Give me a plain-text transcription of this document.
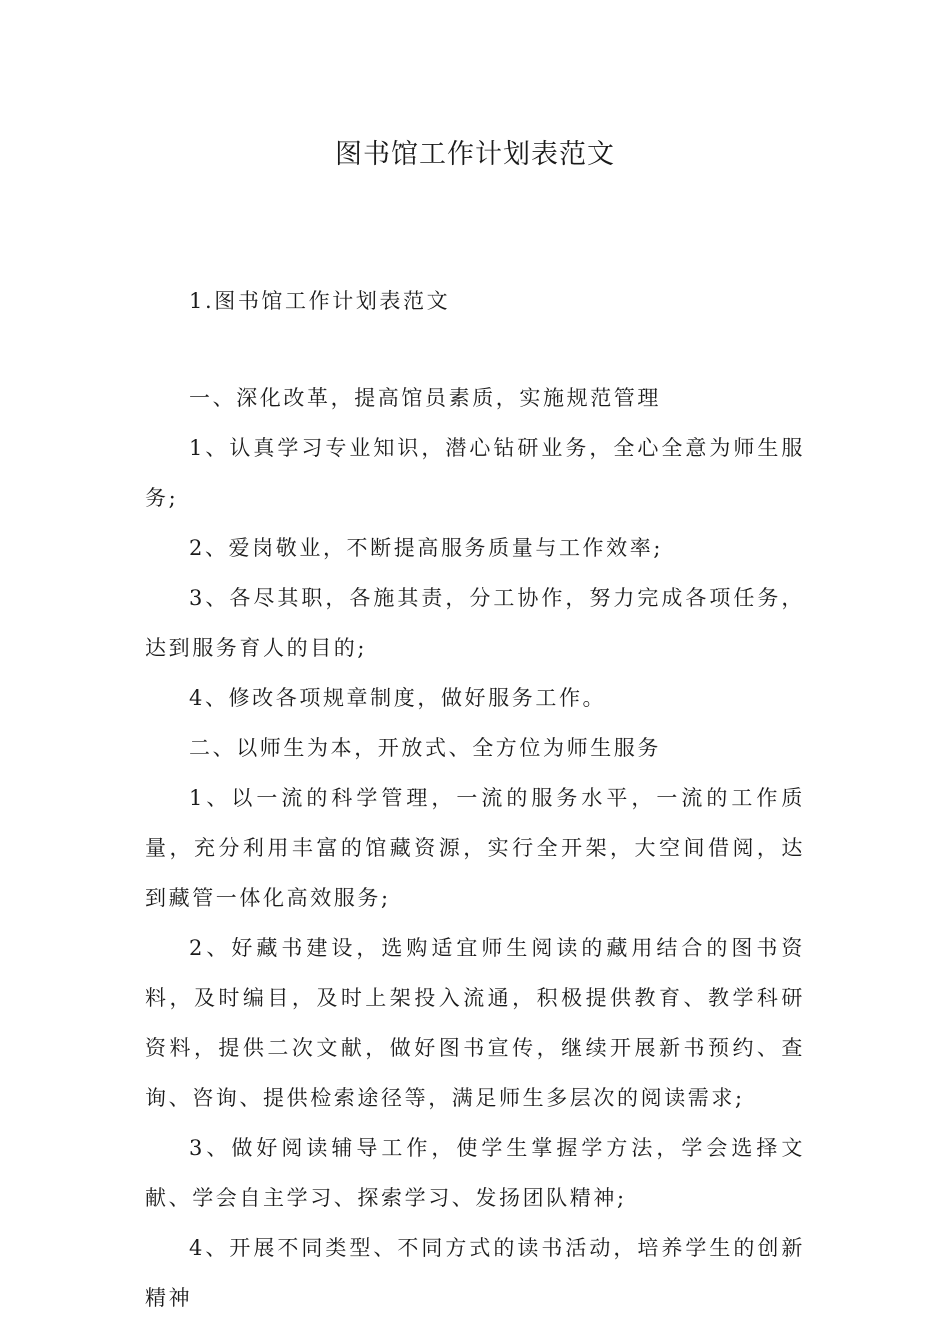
图书馆工作计划表范文

1.图书馆工作计划表范文

一、深化改革，提高馆员素质，实施规范管理

1、认真学习专业知识，潜心钻研业务，全心全意为师生服务;

2、爱岗敬业，不断提高服务质量与工作效率;

3、各尽其职，各施其责，分工协作，努力完成各项任务，达到服务育人的目的;

4、修改各项规章制度，做好服务工作。

二、以师生为本，开放式、全方位为师生服务

1、以一流的科学管理，一流的服务水平，一流的工作质量，充分利用丰富的馆藏资源，实行全开架，大空间借阅，达到藏管一体化高效服务;

2、好藏书建设，选购适宜师生阅读的藏用结合的图书资料，及时编目，及时上架投入流通，积极提供教育、教学科研资料，提供二次文献，做好图书宣传，继续开展新书预约、查询、咨询、提供检索途径等，满足师生多层次的阅读需求;

3、做好阅读辅导工作，使学生掌握学方法，学会选择文献、学会自主学习、探索学习、发扬团队精神;

4、开展不同类型、不同方式的读书活动，培养学生的创新精神
